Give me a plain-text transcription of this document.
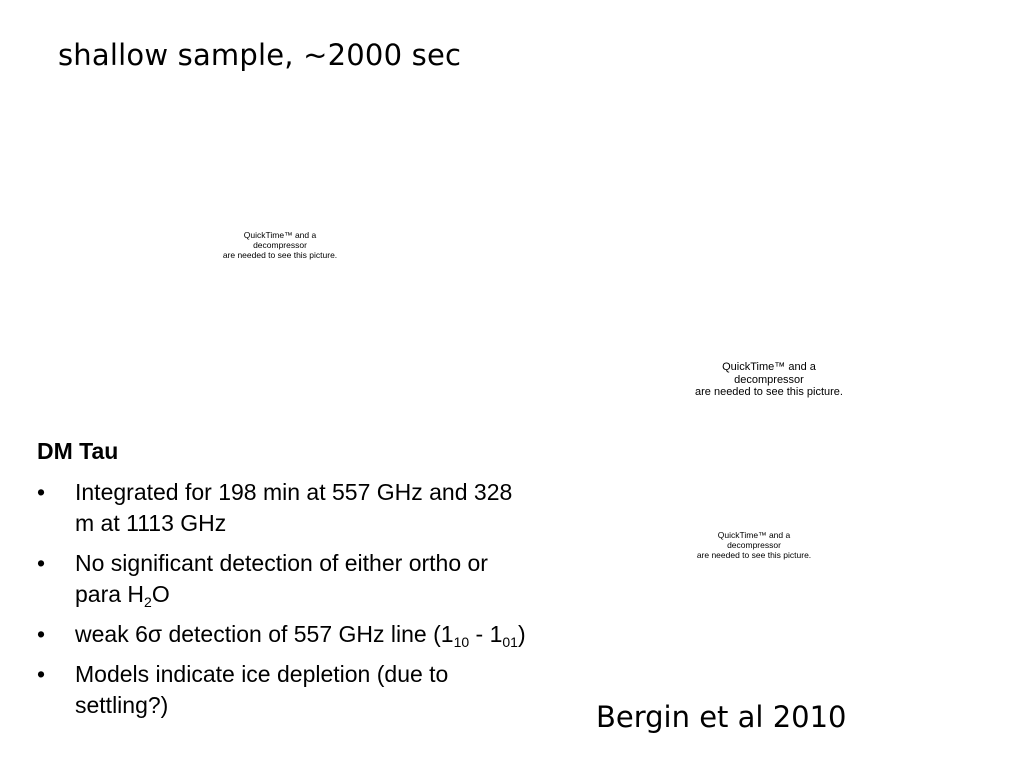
shallow sample, ~2000 sec
QuickTime™ and a
decompressor
are needed to see this picture.
QuickTime™ and a
decompressor
are needed to see this picture.
QuickTime™ and a
decompressor
are needed to see this picture.
DM Tau
• Integrated for 198 min at 557 GHz and 328 m at 1113 GHz
• No significant detection of either ortho or para $H_2O$
• weak 6σ detection of 557 GHz line $(1_{10} - 1_{01})$
• Models indicate ice depletion (due to settling?)	Bergin et al 2010
